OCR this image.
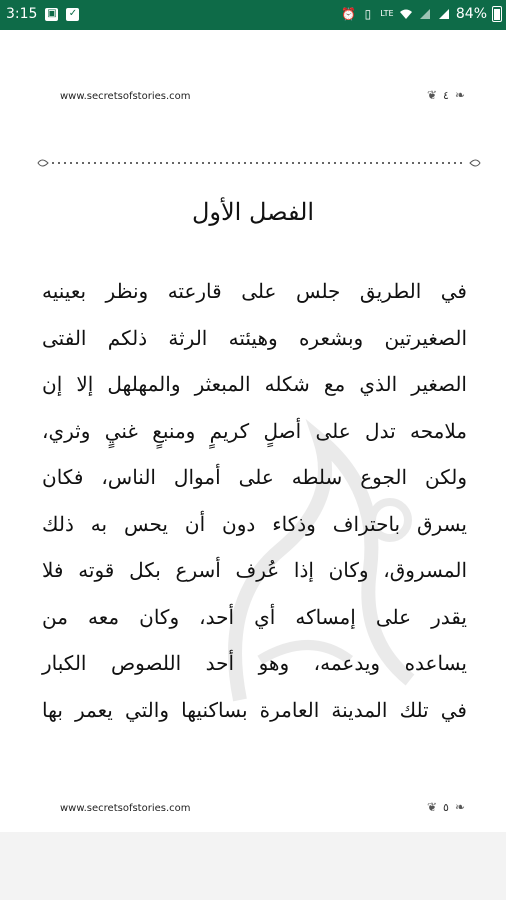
3:15 ▣ ✓	⏰ ▯	LTE	84%
www.secretsofstories.com	❦ ٤ ❧
الفصل الأول
في الطريق جلس على قارعته ونظر بعينيه
الصغيرتين وبشعره وهيئته الرثة ذلكم الفتى
الصغير الذي مع شكله المبعثر والمهلهل إلا إن
ملامحه تدل على أصلٍ كريمٍ ومنبعٍ غنيٍ وثري،
ولكن الجوع سلطه على أموال الناس، فكان
يسرق باحتراف وذكاء دون أن يحس به ذلك
المسروق، وكان إذا عُرف أسرع بكل قوته فلا
يقدر على إمساكه أي أحد، وكان معه من
يساعده ويدعمه، وهو أحد اللصوص الكبار
في تلك المدينة العامرة بساكنيها والتي يعمر بها
www.secretsofstories.com	❦ ٥ ❧
